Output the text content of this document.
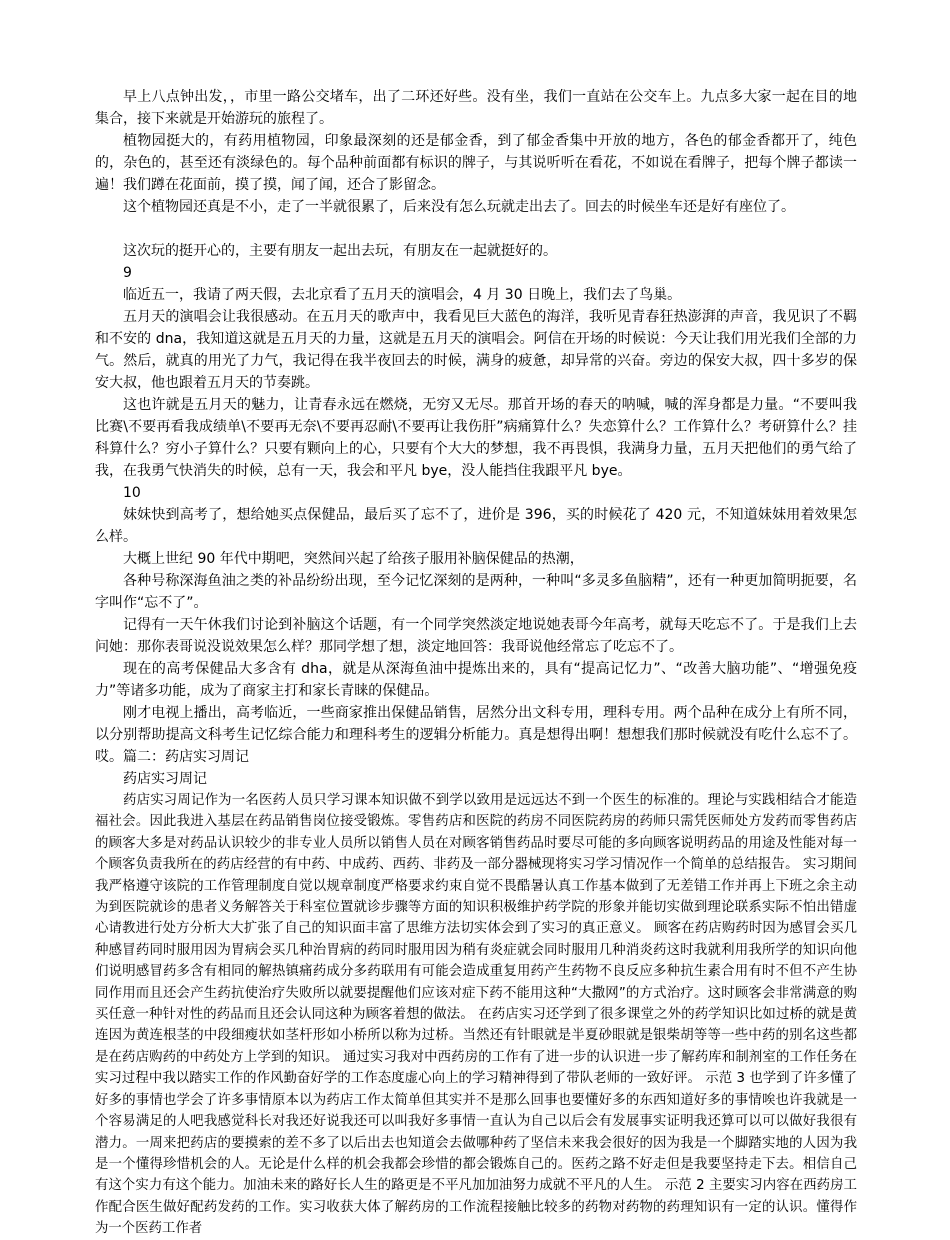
早上八点钟出发，，市里一路公交堵车，出了二环还好些。没有坐，我们一直站在公交车上。九点多大家一起在目的地集合，接下来就是开始游玩的旅程了。

植物园挺大的，有药用植物园，印象最深刻的还是郁金香，到了郁金香集中开放的地方，各色的郁金香都开了，纯色的，杂色的，甚至还有淡绿色的。每个品种前面都有标识的牌子，与其说听听在看花，不如说在看牌子，把每个牌子都读一遍！我们蹲在花面前，摸了摸，闻了闻，还合了影留念。

这个植物园还真是不小，走了一半就很累了，后来没有怎么玩就走出去了。回去的时候坐车还是好有座位了。

这次玩的挺开心的，主要有朋友一起出去玩，有朋友在一起就挺好的。

9

临近五一，我请了两天假，去北京看了五月天的演唱会，4 月 30 日晚上，我们去了鸟巢。

五月天的演唱会让我很感动。在五月天的歌声中，我看见巨大蓝色的海洋，我听见青春狂热澎湃的声音，我见识了不羁和不安的 dna，我知道这就是五月天的力量，这就是五月天的演唱会。阿信在开场的时候说：今天让我们用光我们全部的力气。然后，就真的用光了力气，我记得在我半夜回去的时候，满身的疲惫，却异常的兴奋。旁边的保安大叔，四十多岁的保安大叔，他也跟着五月天的节奏跳。

这也许就是五月天的魅力，让青春永远在燃烧，无穷又无尽。那首开场的春天的呐喊，喊的浑身都是力量。“不要叫我比赛\不要再看我成绩单\不要再无奈\不要再忍耐\不要再让我伤肝”病痛算什么？失恋算什么？工作算什么？考研算什么？挂科算什么？穷小子算什么？只要有颗向上的心，只要有个大大的梦想，我不再畏惧，我满身力量，五月天把他们的勇气给了我，在我勇气快消失的时候，总有一天，我会和平凡 bye，没人能挡住我跟平凡 bye。

10

妹妹快到高考了，想给她买点保健品，最后买了忘不了，进价是 396，买的时候花了 420 元，不知道妹妹用着效果怎么样。

大概上世纪 90 年代中期吧，突然间兴起了给孩子服用补脑保健品的热潮，

各种号称深海鱼油之类的补品纷纷出现，至今记忆深刻的是两种，一种叫“多灵多鱼脑精”，还有一种更加简明扼要，名字叫作“忘不了”。

记得有一天午休我们讨论到补脑这个话题，有一个同学突然淡定地说她表哥今年高考，就每天吃忘不了。于是我们上去问她：那你表哥说没说效果怎么样？那同学想了想，淡定地回答：我哥说他经常忘了吃忘不了。

现在的高考保健品大多含有 dha，就是从深海鱼油中提炼出来的，具有“提高记忆力”、“改善大脑功能”、“增强免疫力”等诸多功能，成为了商家主打和家长青睐的保健品。

刚才电视上播出，高考临近，一些商家推出保健品销售，居然分出文科专用，理科专用。两个品种在成分上有所不同，以分别帮助提高文科考生记忆综合能力和理科考生的逻辑分析能力。真是想得出啊！想想我们那时候就没有吃什么忘不了。哎。篇二：药店实习周记

药店实习周记

药店实习周记作为一名医药人员只学习课本知识做不到学以致用是远远达不到一个医生的标准的。理论与实践相结合才能造福社会。因此我进入基层在药品销售岗位接受锻炼。零售药店和医院的药房不同医院药房的药师只需凭医师处方发药而零售药店的顾客大多是对药品认识较少的非专业人员所以销售人员在对顾客销售药品时要尽可能的多向顾客说明药品的用途及性能对每一个顾客负责我所在的药店经营的有中药、中成药、西药、非药及一部分器械现将实习学习情况作一个简单的总结报告。 实习期间我严格遵守该院的工作管理制度自觉以规章制度严格要求约束自觉不畏酷暑认真工作基本做到了无差错工作并再上下班之余主动为到医院就诊的患者义务解答关于科室位置就诊步骤等方面的知识积极维护药学院的形象并能切实做到理论联系实际不怕出错虚心请教进行处方分析大大扩张了自己的知识面丰富了思维方法切实体会到了实习的真正意义。 顾客在药店购药时因为感冒会买几种感冒药同时服用因为胃病会买几种治胃病的药同时服用因为稍有炎症就会同时服用几种消炎药这时我就利用我所学的知识向他们说明感冒药多含有相同的解热镇痛药成分多药联用有可能会造成重复用药产生药物不良反应多种抗生素合用有时不但不产生协同作用而且还会产生药抗使治疗失败所以就要提醒他们应该对症下药不能用这种“大撒网”的方式治疗。这时顾客会非常满意的购买任意一种针对性的药品而且还会认同这种为顾客着想的做法。 在药店实习还学到了很多课堂之外的药学知识比如过桥的就是黄连因为黄连根茎的中段细瘦状如茎杆形如小桥所以称为过桥。当然还有针眼就是半夏砂眼就是银柴胡等等一些中药的别名这些都是在药店购药的中药处方上学到的知识。 通过实习我对中西药房的工作有了进一步的认识进一步了解药库和制剂室的工作任务在实习过程中我以踏实工作的作风勤奋好学的工作态度虚心向上的学习精神得到了带队老师的一致好评。 示范 3 也学到了许多懂了好多的事情也学会了许多事情原本以为药店工作太简单但其实并不是那么回事也要懂好多的东西知道好多的事情唉也许我就是一个容易满足的人吧我感觉科长对我还好说我还可以叫我好多事情一直认为自己以后会有发展事实证明我还算可以可以做好我很有潜力。一周来把药店的要摸索的差不多了以后出去也知道会去做哪种药了坚信未来我会很好的因为我是一个脚踏实地的人因为我是一个懂得珍惜机会的人。无论是什么样的机会我都会珍惜的都会锻炼自己的。医药之路不好走但是我要坚持走下去。相信自己有这个实力有这个能力。加油未来的路好长人生的路更是不平凡加加油努力成就不平凡的人生。 示范 2 主要实习内容在西药房工作配合医生做好配药发药的工作。实习收获大体了解药房的工作流程接触比较多的药物对药物的药理知识有一定的认识。懂得作为一个医药工作者
